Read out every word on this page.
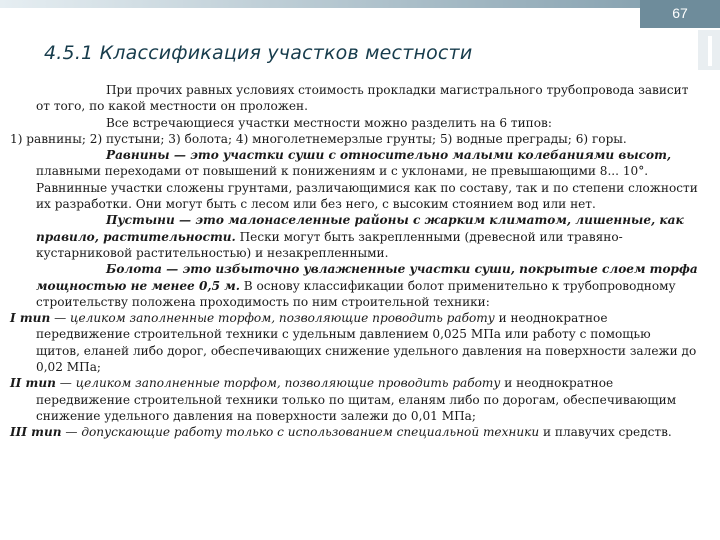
67
4.5.1 Классификация участков местности

При прочих равных условиях стоимость прокладки магистрального трубопровода зависит от того, по какой местности он проложен.

Все встречающиеся участки местности можно разделить на 6 типов:

1) равнины; 2) пустыни; 3) болота; 4) многолетнемерзлые грунты; 5) водные преграды; 6) горы.

Равнины — это участки суши с относительно малыми колебаниями высот, плавными переходами от повышений к понижениям и с уклонами, не превышающими 8... 10°. Равнинные участки сложены грунтами, различающимися как по составу, так и по степени сложности их разработки. Они могут быть с лесом или без него, с высоким стоянием вод или нет.

Пустыни — это малонаселенные районы с жарким климатом, лишенные, как правило, растительности. Пески могут быть закрепленными (древесной или травяно-кустарниковой растительностью) и незакрепленными.

Болота — это избыточно увлажненные участки суши, покрытые слоем торфа мощностью не менее 0,5 м. В основу классификации болот применительно к трубопроводному строительству положена проходимость по ним строительной техники:

I тип — целиком заполненные торфом, позволяющие проводить работу и неоднократное передвижение строительной техники с удельным давлением 0,025 МПа или работу с помощью щитов, еланей либо дорог, обеспечивающих снижение удельного давления на поверхности залежи до 0,02 МПа;

II тип — целиком заполненные торфом, позволяющие проводить работу и неоднократное передвижение строительной техники только по щитам, еланям либо по дорогам, обеспечивающим снижение удельного давления на поверхности залежи до 0,01 МПа;

III тип — допускающие работу только с использованием специальной техники и плавучих средств.
